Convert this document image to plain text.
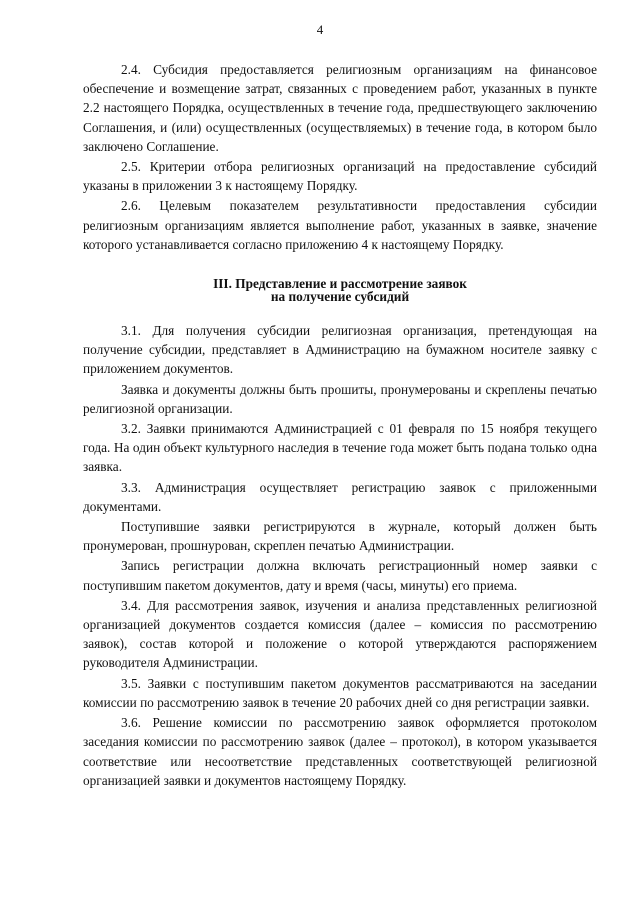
4

2.4. Субсидия предоставляется религиозным организациям на финансовое обеспечение и возмещение затрат, связанных с проведением работ, указанных в пункте 2.2 настоящего Порядка, осуществленных в течение года, предшествующего заключению Соглашения, и (или) осуществленных (осуществляемых) в течение года, в котором было заключено Соглашение.

2.5. Критерии отбора религиозных организаций на предоставление субсидий указаны в приложении 3 к настоящему Порядку.

2.6. Целевым показателем результативности предоставления субсидии религиозным организациям является выполнение работ, указанных в заявке, значение которого устанавливается согласно приложению 4 к настоящему Порядку.

III. Представление и рассмотрение заявок
на получение субсидий

3.1. Для получения субсидии религиозная организация, претендующая на получение субсидии, представляет в Администрацию на бумажном носителе заявку с приложением документов.

Заявка и документы должны быть прошиты, пронумерованы и скреплены печатью религиозной организации.

3.2. Заявки принимаются Администрацией с 01 февраля по 15 ноября текущего года. На один объект культурного наследия в течение года может быть подана только одна заявка.

3.3. Администрация осуществляет регистрацию заявок с приложенными документами.

Поступившие заявки регистрируются в журнале, который должен быть пронумерован, прошнурован, скреплен печатью Администрации.

Запись регистрации должна включать регистрационный номер заявки с поступившим пакетом документов, дату и время (часы, минуты) его приема.

3.4. Для рассмотрения заявок, изучения и анализа представленных религиозной организацией документов создается комиссия (далее – комиссия по рассмотрению заявок), состав которой и положение о которой утверждаются распоряжением руководителя Администрации.

3.5. Заявки с поступившим пакетом документов рассматриваются на заседании комиссии по рассмотрению заявок в течение 20 рабочих дней со дня регистрации заявки.

3.6. Решение комиссии по рассмотрению заявок оформляется протоколом заседания комиссии по рассмотрению заявок (далее – протокол), в котором указывается соответствие или несоответствие представленных соответствующей религиозной организацией заявки и документов настоящему Порядку.
